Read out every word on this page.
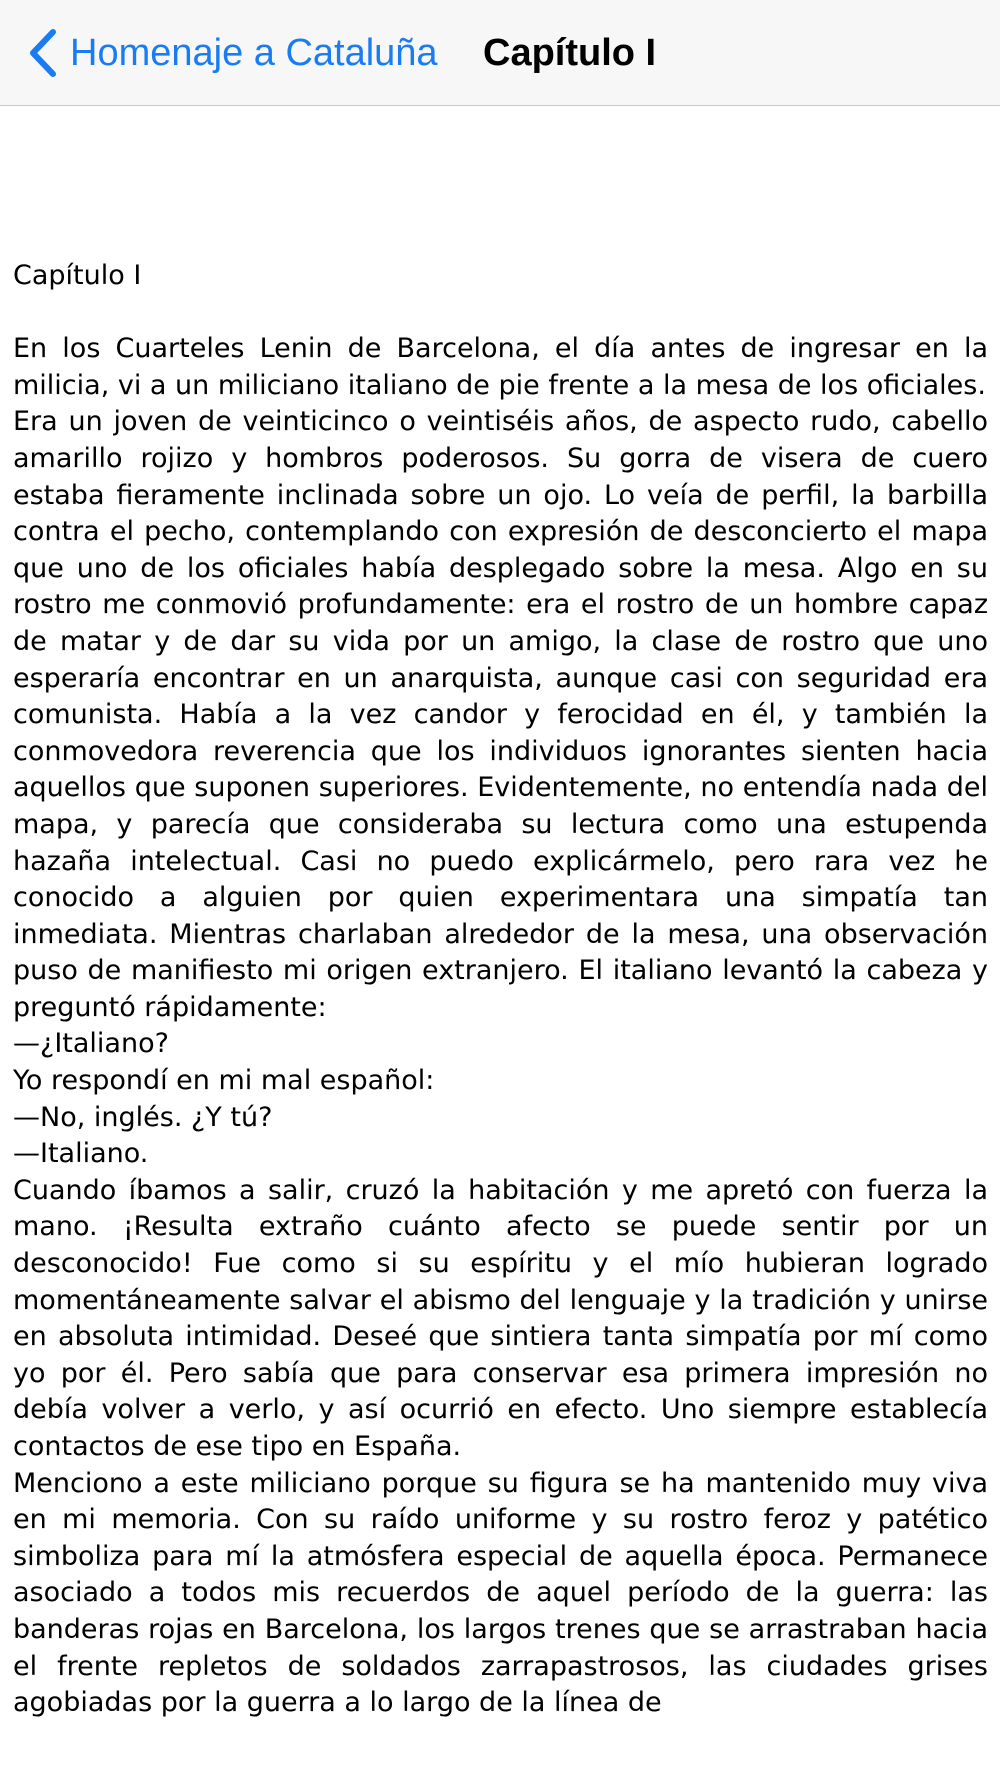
Homenaje a Cataluña Capítulo I

Capítulo I

En los Cuarteles Lenin de Barcelona, el día antes de ingresar en la milicia, vi a un miliciano italiano de pie frente a la mesa de los oficiales.

Era un joven de veinticinco o veintiséis años, de aspecto rudo, cabello amarillo rojizo y hombros poderosos. Su gorra de visera de cuero estaba fieramente inclinada sobre un ojo. Lo veía de perfil, la barbilla contra el pecho, contemplando con expresión de desconcierto el mapa que uno de los oficiales había desplegado sobre la mesa. Algo en su rostro me conmovió profundamente: era el rostro de un hombre capaz de matar y de dar su vida por un amigo, la clase de rostro que uno esperaría encontrar en un anarquista, aunque casi con seguridad era comunista. Había a la vez candor y ferocidad en él, y también la conmovedora reverencia que los individuos ignorantes sienten hacia aquellos que suponen superiores. Evidentemente, no entendía nada del mapa, y parecía que consideraba su lectura como una estupenda hazaña intelectual. Casi no puedo explicármelo, pero rara vez he conocido a alguien por quien experimentara una simpatía tan inmediata. Mientras charlaban alrededor de la mesa, una observación puso de manifiesto mi origen extranjero. El italiano levantó la cabeza y preguntó rápidamente:

—¿Italiano?

Yo respondí en mi mal español:

—No, inglés. ¿Y tú?

—Italiano.

Cuando íbamos a salir, cruzó la habitación y me apretó con fuerza la mano. ¡Resulta extraño cuánto afecto se puede sentir por un desconocido! Fue como si su espíritu y el mío hubieran logrado momentáneamente salvar el abismo del lenguaje y la tradición y unirse en absoluta intimidad. Deseé que sintiera tanta simpatía por mí como yo por él. Pero sabía que para conservar esa primera impresión no debía volver a verlo, y así ocurrió en efecto. Uno siempre establecía contactos de ese tipo en España.

Menciono a este miliciano porque su figura se ha mantenido muy viva en mi memoria. Con su raído uniforme y su rostro feroz y patético simboliza para mí la atmósfera especial de aquella época. Permanece asociado a todos mis recuerdos de aquel período de la guerra: las banderas rojas en Barcelona, los largos trenes que se arrastraban hacia el frente repletos de soldados zarrapastrosos, las ciudades grises agobiadas por la guerra a lo largo de la línea de
